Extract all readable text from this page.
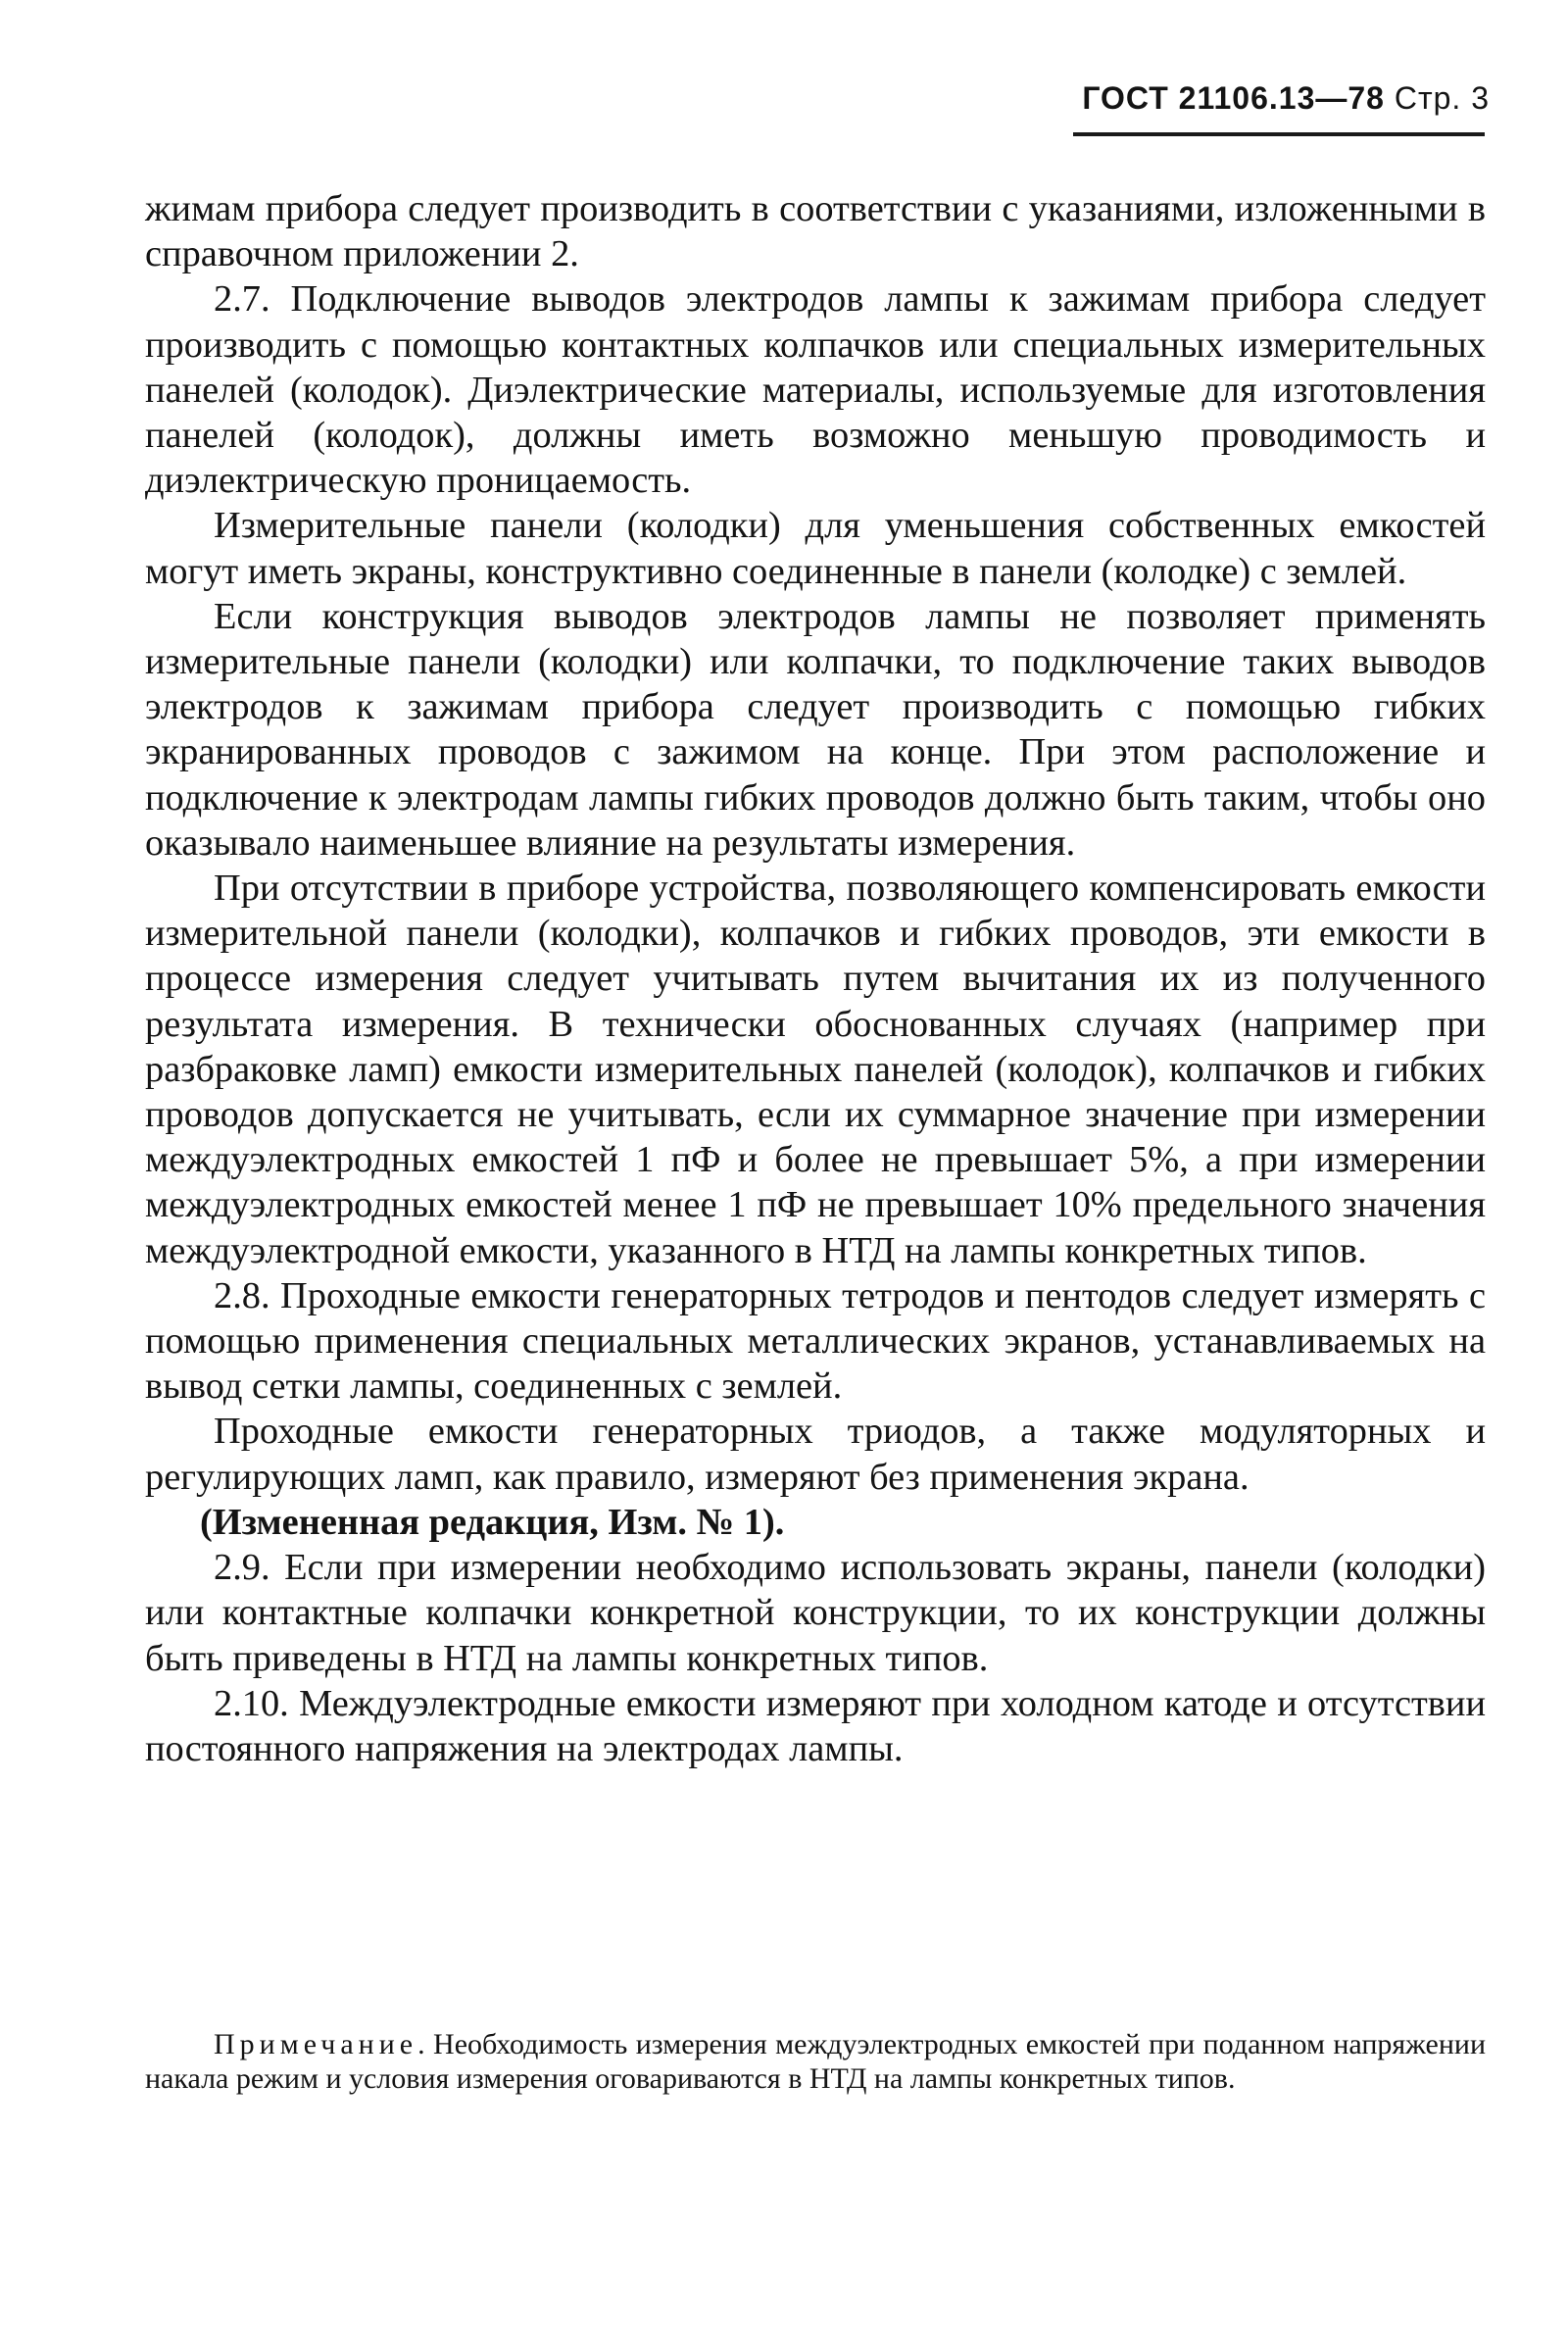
ГОСТ 21106.13—78 Стр. 3

жимам прибора следует производить в соответствии с указаниями, изложенными в справочном приложении 2.

2.7. Подключение выводов электродов лампы к зажимам прибора следует производить с помощью контактных колпачков или специальных измерительных панелей (колодок). Диэлектрические материалы, используемые для изготовления панелей (колодок), должны иметь возможно меньшую проводимость и диэлектрическую проницаемость.

Измерительные панели (колодки) для уменьшения собственных емкостей могут иметь экраны, конструктивно соединенные в панели (колодке) с землей.

Если конструкция выводов электродов лампы не позволяет применять измерительные панели (колодки) или колпачки, то подключение таких выводов электродов к зажимам прибора следует производить с помощью гибких экранированных проводов с зажимом на конце. При этом расположение и подключение к электродам лампы гибких проводов должно быть таким, чтобы оно оказывало наименьшее влияние на результаты измерения.

При отсутствии в приборе устройства, позволяющего компенсировать емкости измерительной панели (колодки), колпачков и гибких проводов, эти емкости в процессе измерения следует учитывать путем вычитания их из полученного результата измерения. В технически обоснованных случаях (например при разбраковке ламп) емкости измерительных панелей (колодок), колпачков и гибких проводов допускается не учитывать, если их суммарное значение при измерении междуэлектродных емкостей 1 пФ и более не превышает 5%, а при измерении междуэлектродных емкостей менее 1 пФ не превышает 10% предельного значения междуэлектродной емкости, указанного в НТД на лампы конкретных типов.

2.8. Проходные емкости генераторных тетродов и пентодов следует измерять с помощью применения специальных металлических экранов, устанавливаемых на вывод сетки лампы, соединенных с землей.

Проходные емкости генераторных триодов, а также модуляторных и регулирующих ламп, как правило, измеряют без применения экрана.

(Измененная редакция, Изм. № 1).

2.9. Если при измерении необходимо использовать экраны, панели (колодки) или контактные колпачки конкретной конструкции, то их конструкции должны быть приведены в НТД на лампы конкретных типов.

2.10. Междуэлектродные емкости измеряют при холодном катоде и отсутствии постоянного напряжения на электродах лампы.

Примечание. Необходимость измерения междуэлектродных емкостей при поданном напряжении накала режим и условия измерения оговариваются в НТД на лампы конкретных типов.
